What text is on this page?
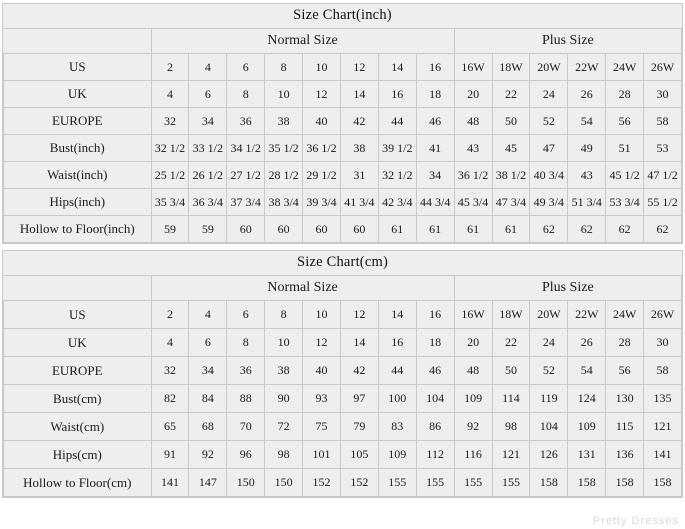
Size Chart(inch)
	Normal Size								Plus Size					
US	2	4	6	8	10	12	14	16	16W	18W	20W	22W	24W	26W
UK	4	6	8	10	12	14	16	18	20	22	24	26	28	30
EUROPE	32	34	36	38	40	42	44	46	48	50	52	54	56	58
Bust(inch)	32 1/2	33 1/2	34 1/2	35 1/2	36 1/2	38	39 1/2	41	43	45	47	49	51	53
Waist(inch)	25 1/2	26 1/2	27 1/2	28 1/2	29 1/2	31	32 1/2	34	36 1/2	38 1/2	40 3/4	43	45 1/2	47 1/2
Hips(inch)	35 3/4	36 3/4	37 3/4	38 3/4	39 3/4	41 3/4	42 3/4	44 3/4	45 3/4	47 3/4	49 3/4	51 3/4	53 3/4	55 1/2
Hollow to Floor(inch)	59	59	60	60	60	60	61	61	61	61	62	62	62	62
Size Chart(cm)
	Normal Size								Plus Size					
US	2	4	6	8	10	12	14	16	16W	18W	20W	22W	24W	26W
UK	4	6	8	10	12	14	16	18	20	22	24	26	28	30
EUROPE	32	34	36	38	40	42	44	46	48	50	52	54	56	58
Bust(cm)	82	84	88	90	93	97	100	104	109	114	119	124	130	135
Waist(cm)	65	68	70	72	75	79	83	86	92	98	104	109	115	121
Hips(cm)	91	92	96	98	101	105	109	112	116	121	126	131	136	141
Hollow to Floor(cm)	141	147	150	150	152	152	155	155	155	155	158	158	158	158
Pretty Dresses
